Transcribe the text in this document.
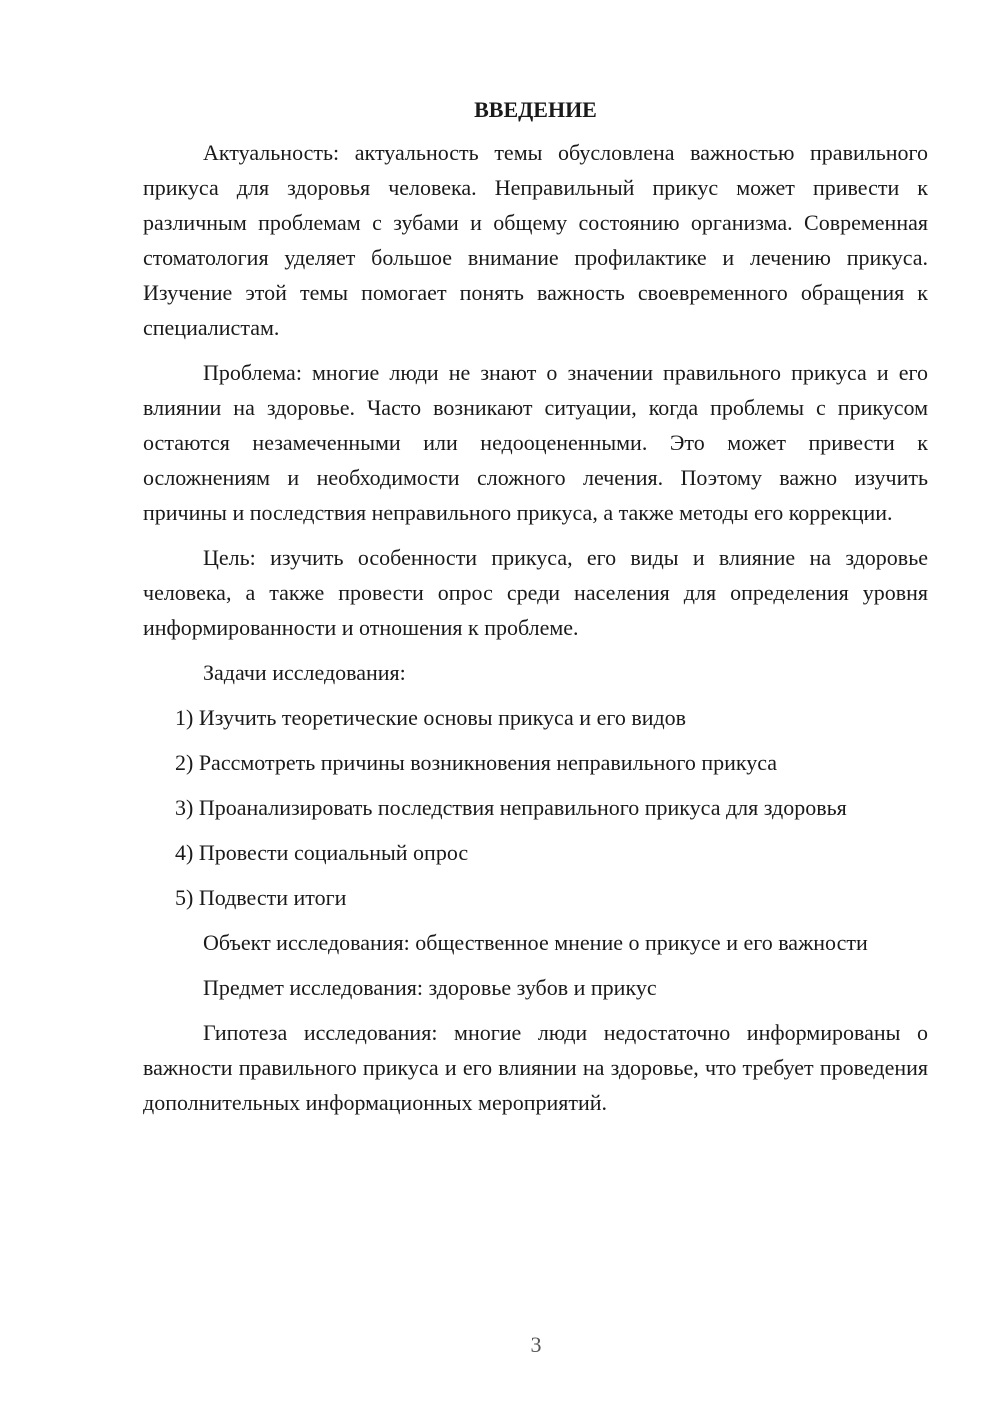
ВВЕДЕНИЕ

Актуальность: актуальность темы обусловлена важностью правильного прикуса для здоровья человека. Неправильный прикус может привести к различным проблемам с зубами и общему состоянию организма. Современная стоматология уделяет большое внимание профилактике и лечению прикуса. Изучение этой темы помогает понять важность своевременного обращения к специалистам.

Проблема: многие люди не знают о значении правильного прикуса и его влиянии на здоровье. Часто возникают ситуации, когда проблемы с прикусом остаются незамеченными или недооцененными. Это может привести к осложнениям и необходимости сложного лечения. Поэтому важно изучить причины и последствия неправильного прикуса, а также методы его коррекции.

Цель: изучить особенности прикуса, его виды и влияние на здоровье человека, а также провести опрос среди населения для определения уровня информированности и отношения к проблеме.

Задачи исследования:

1) Изучить теоретические основы прикуса и его видов

2) Рассмотреть причины возникновения неправильного прикуса

3) Проанализировать последствия неправильного прикуса для здоровья

4) Провести социальный опрос

5) Подвести итоги

Объект исследования: общественное мнение о прикусе и его важности

Предмет исследования: здоровье зубов и прикус

Гипотеза исследования: многие люди недостаточно информированы о важности правильного прикуса и его влиянии на здоровье, что требует проведения дополнительных информационных мероприятий.

3
